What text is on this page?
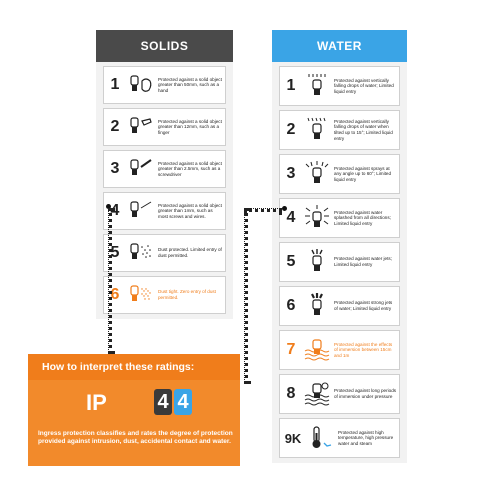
SOLIDS
1	Protected against a solid object greater than 50mm, such as a hand
2	Protected against a solid object greater than 12mm, such as a finger
3	Protected against a solid object greater than 2.5mm, such as a screwdriver
4	Protected against a solid object greater than 1mm, such as most screws and wires.
5	Dust protected. Limited entry of dust permitted.
6	Dust tight. Zero entry of dust permitted.
WATER
1	Protected against vertically falling drops of water; Limited liquid entry
2	Protected against vertically falling drops of water when tilted up to 15°; Limited liquid entry
3	Protected against sprays at any angle up to 60°; Limited liquid entry
4	Protected against water splashed from all directions; Limited liquid entry
5	Protected against water jets; Limited liquid entry
6	Protected against strong jets of water; Limited liquid entry
7	Protected against the effects of immersion between 15cm and 1m
8	Protected against long periods of immersion under pressure
9K	Protected against high temperature, high pressure water and steam
How to interpret these ratings:
IP	4 4
Ingress protection classifies and rates the degree of protection provided against intrusion, dust, accidental contact and water.
